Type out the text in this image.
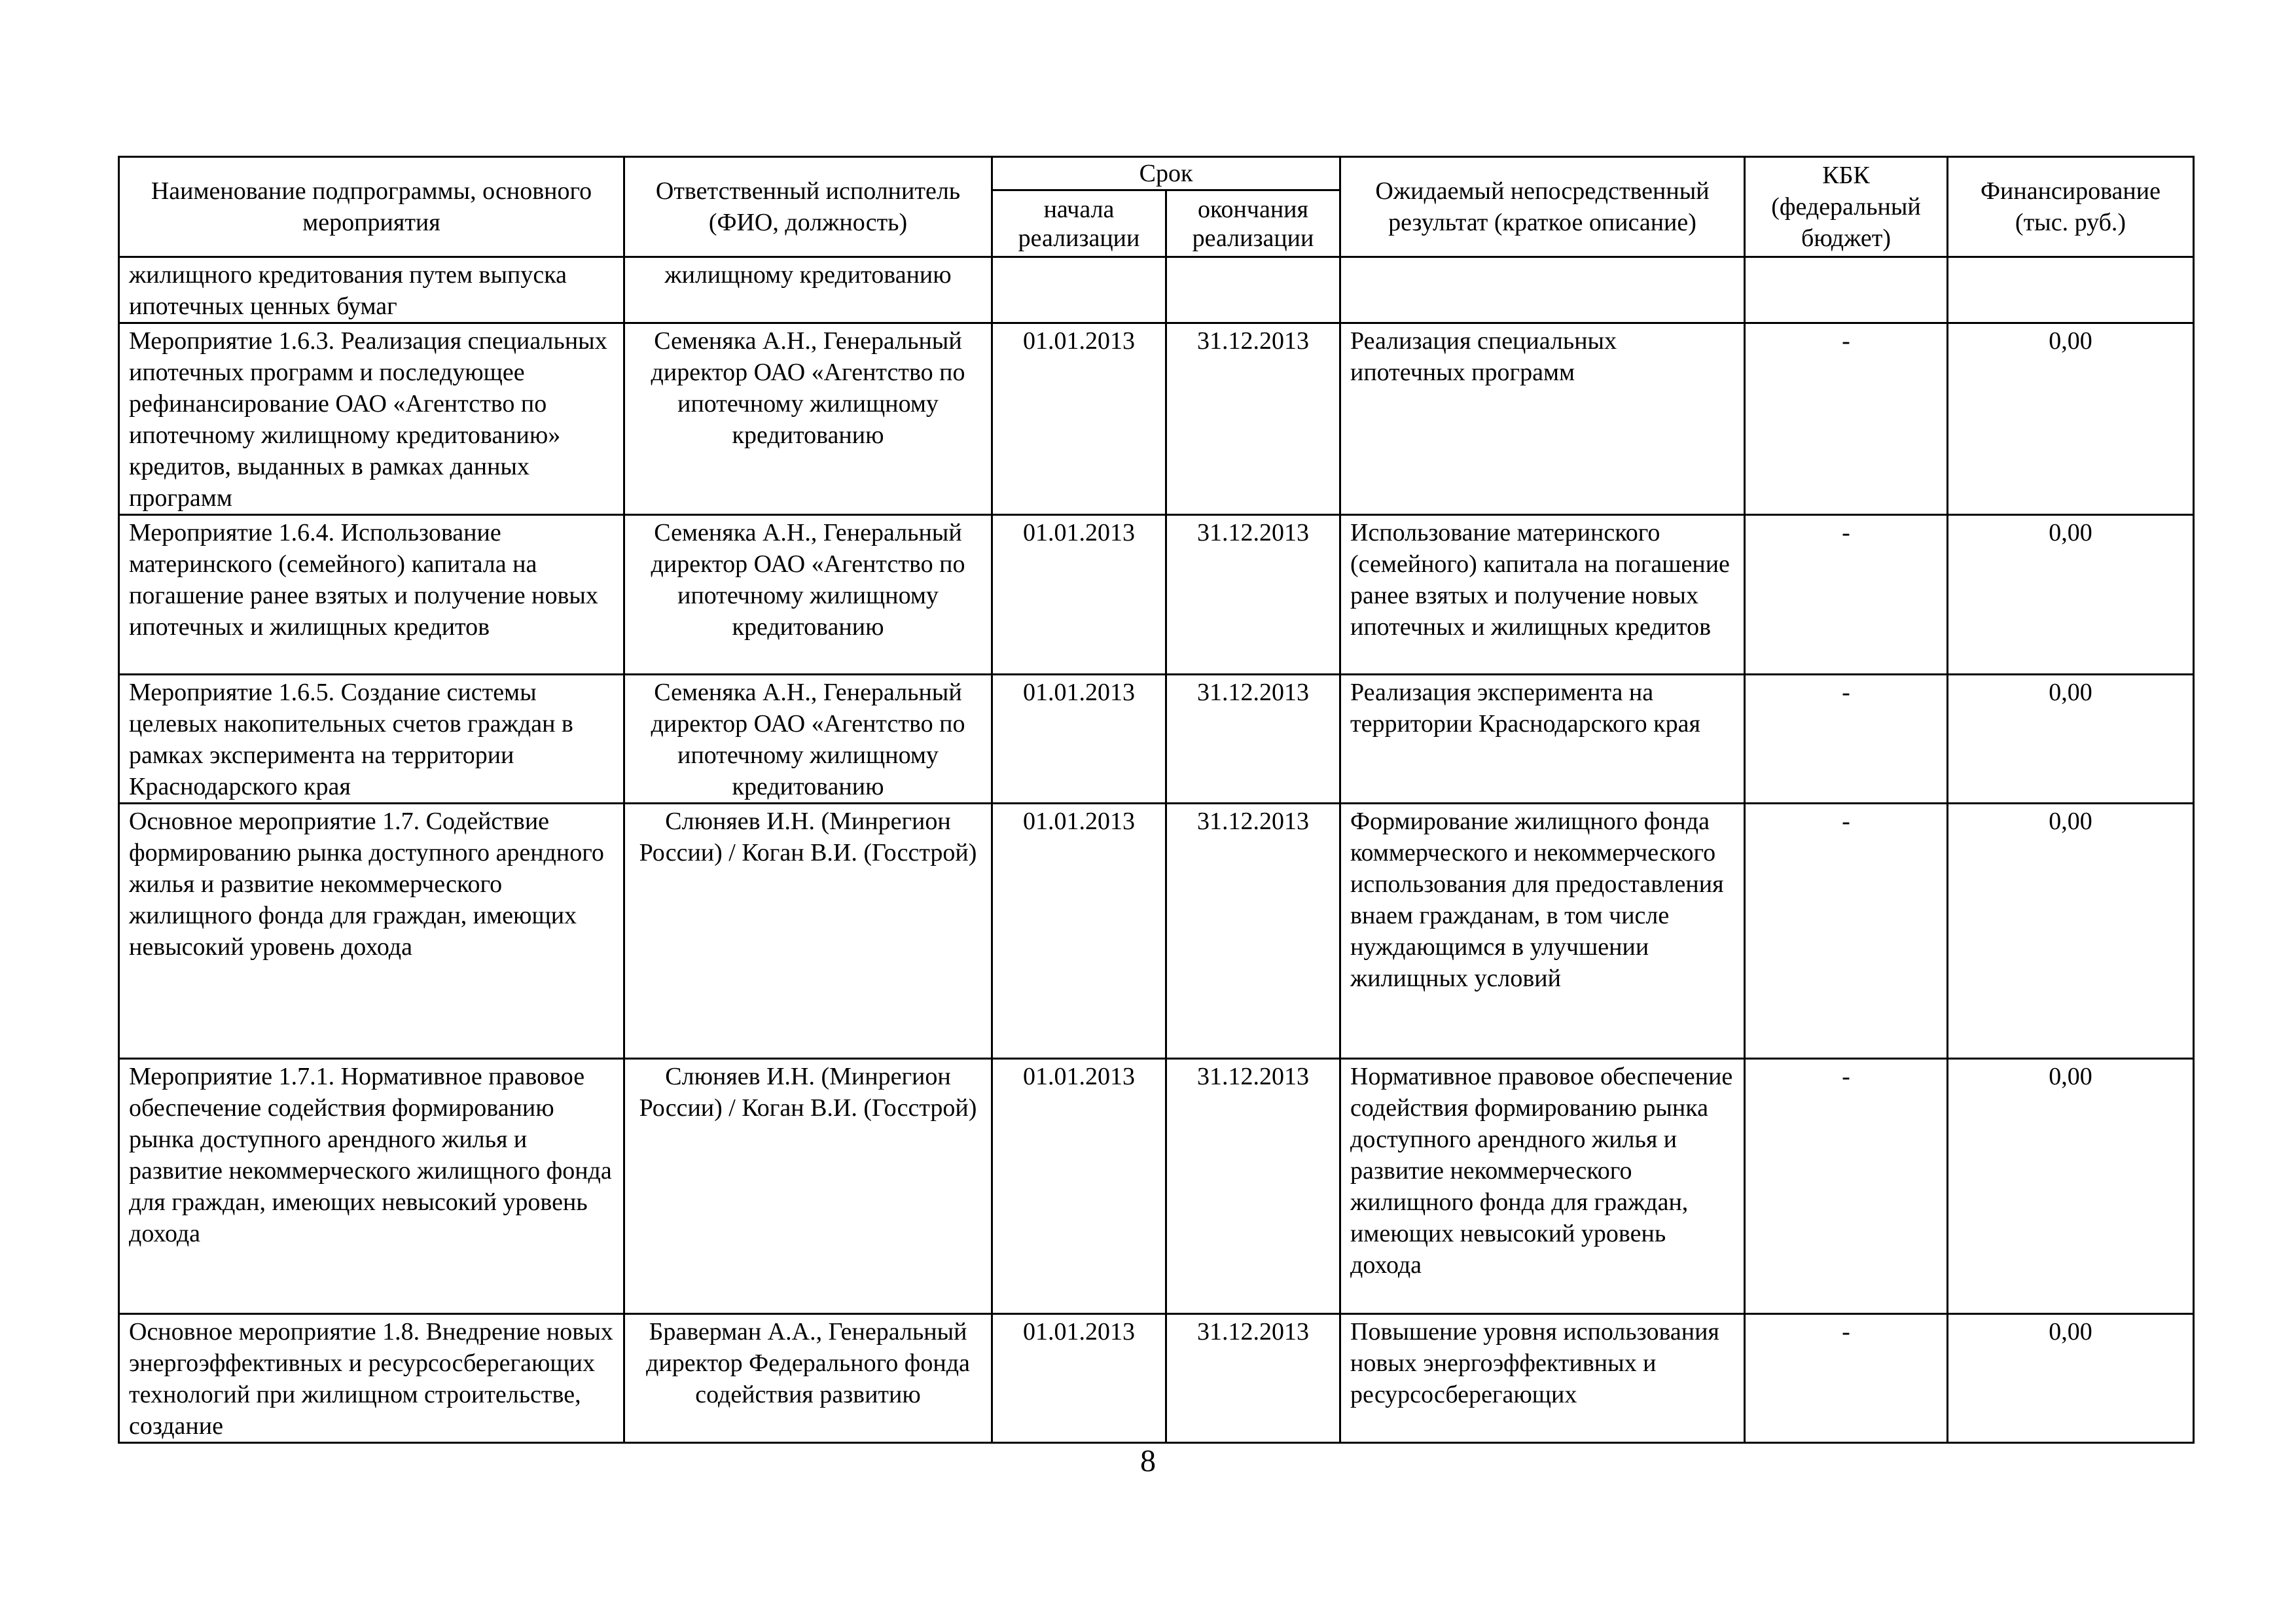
Наименование подпрограммы, основного мероприятия	Ответственный исполнитель (ФИО, должность)	Срок		Ожидаемый непосредственный результат (краткое описание)	КБК (федеральный бюджет)	Финансирование (тыс. руб.)
		начала реализации	окончания реализации			
жилищного кредитования путем выпуска ипотечных ценных бумаг	жилищному кредитованию					
Мероприятие 1.6.3. Реализация специальных ипотечных программ и последующее рефинансирование ОАО «Агентство по ипотечному жилищному кредитованию» кредитов, выданных в рамках данных программ	Семеняка А.Н., Генеральный директор ОАО «Агентство по ипотечному жилищному кредитованию	01.01.2013	31.12.2013	Реализация специальных ипотечных программ	-	0,00
Мероприятие 1.6.4. Использование материнского (семейного) капитала на погашение ранее взятых и получение новых ипотечных и жилищных кредитов	Семеняка А.Н., Генеральный директор ОАО «Агентство по ипотечному жилищному кредитованию	01.01.2013	31.12.2013	Использование материнского (семейного) капитала на погашение ранее взятых и получение новых ипотечных и жилищных кредитов	-	0,00
Мероприятие 1.6.5. Создание системы целевых накопительных счетов граждан в рамках эксперимента на территории Краснодарского края	Семеняка А.Н., Генеральный директор ОАО «Агентство по ипотечному жилищному кредитованию	01.01.2013	31.12.2013	Реализация эксперимента на территории Краснодарского края	-	0,00
Основное мероприятие 1.7. Содействие формированию рынка доступного арендного жилья и развитие некоммерческого жилищного фонда для граждан, имеющих невысокий уровень дохода	Слюняев И.Н. (Минрегион России) / Коган В.И. (Госстрой)	01.01.2013	31.12.2013	Формирование жилищного фонда коммерческого и некоммерческого использования для предоставления внаем гражданам, в том числе нуждающимся в улучшении жилищных условий	-	0,00
Мероприятие 1.7.1. Нормативное правовое обеспечение содействия формированию рынка доступного арендного жилья и развитие некоммерческого жилищного фонда для граждан, имеющих невысокий уровень дохода	Слюняев И.Н. (Минрегион России) / Коган В.И. (Госстрой)	01.01.2013	31.12.2013	Нормативное правовое обеспечение содействия формированию рынка доступного арендного жилья и развитие некоммерческого жилищного фонда для граждан, имеющих невысокий уровень дохода	-	0,00
Основное мероприятие 1.8. Внедрение новых энергоэффективных и ресурсосберегающих технологий при жилищном строительстве, создание	Браверман А.А., Генеральный директор Федерального фонда содействия развитию	01.01.2013	31.12.2013	Повышение уровня использования новых энергоэффективных и ресурсосберегающих	-	0,00
8
